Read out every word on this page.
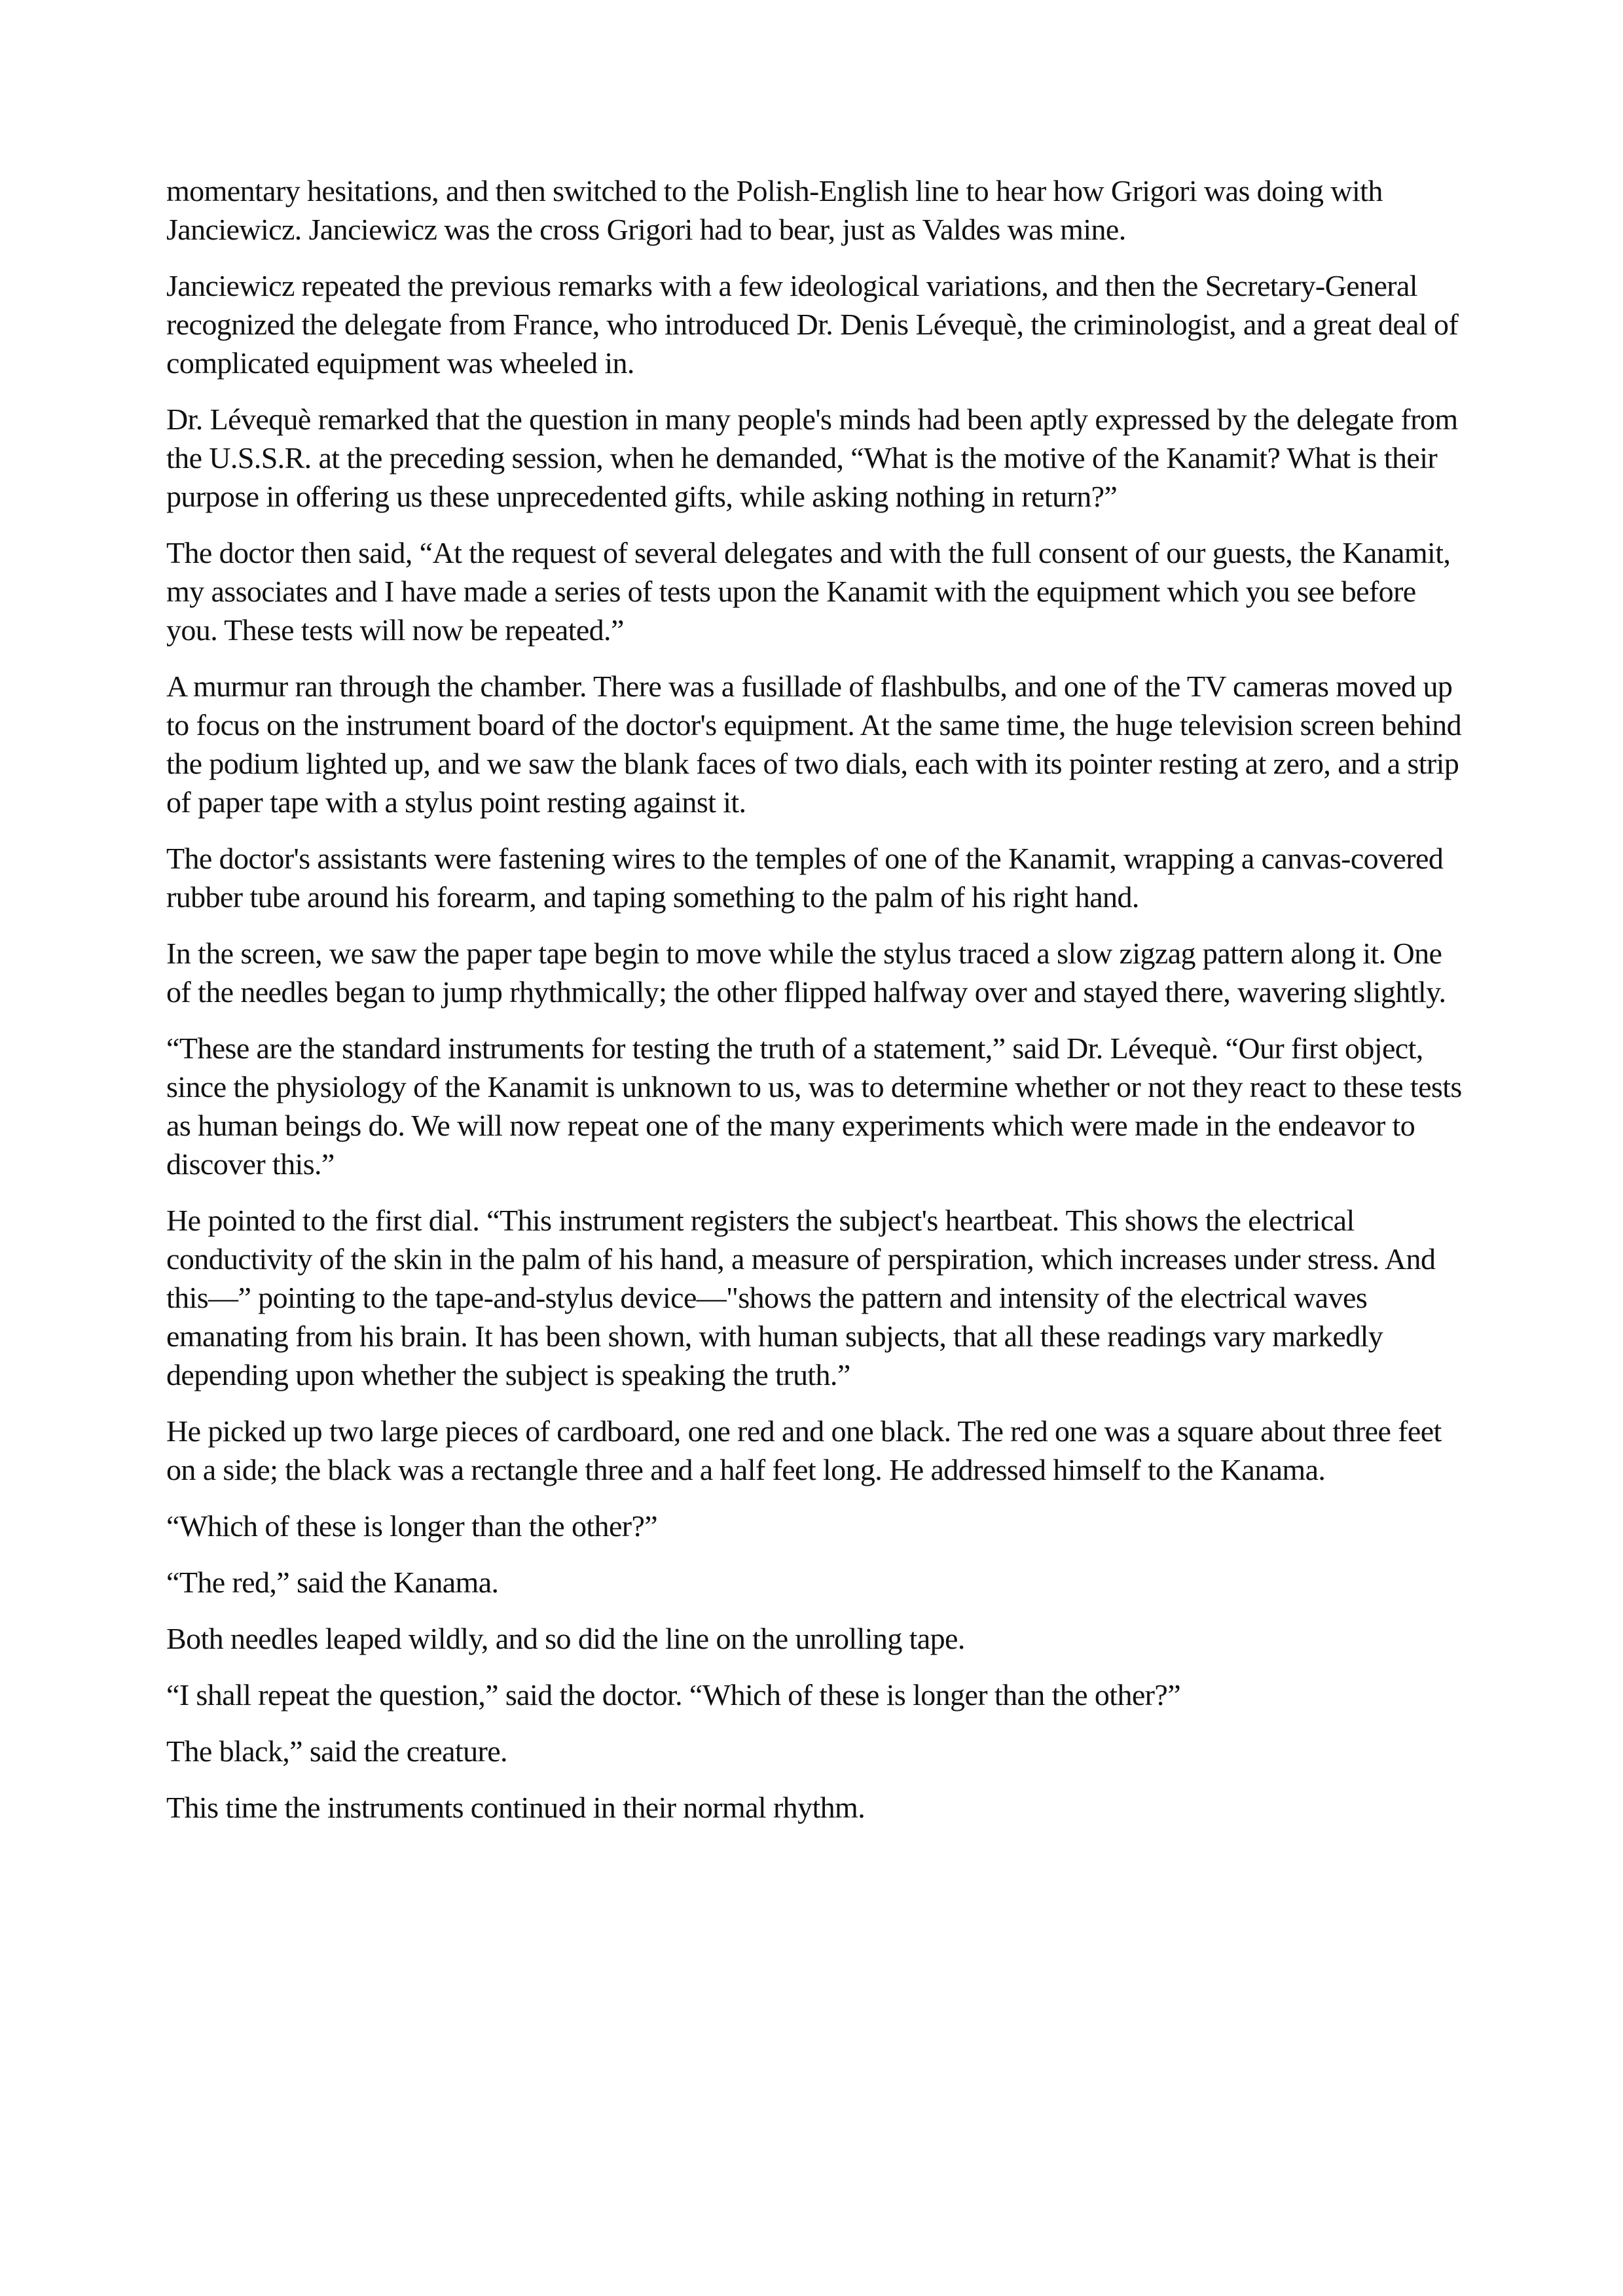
momentary hesitations, and then switched to the Polish-English line to hear how Grigori was doing with Janciewicz. Janciewicz was the cross Grigori had to bear, just as Valdes was mine.

Janciewicz repeated the previous remarks with a few ideological variations, and then the Secretary-General recognized the delegate from France, who introduced Dr. Denis Lévequè, the criminologist, and a great deal of complicated equipment was wheeled in.

Dr. Lévequè remarked that the question in many people's minds had been aptly expressed by the delegate from the U.S.S.R. at the preceding session, when he demanded, “What is the motive of the Kanamit? What is their purpose in offering us these unprecedented gifts, while asking nothing in return?”

The doctor then said, “At the request of several delegates and with the full consent of our guests, the Kanamit, my associates and I have made a series of tests upon the Kanamit with the equipment which you see before you. These tests will now be repeated.”

A murmur ran through the chamber. There was a fusillade of flashbulbs, and one of the TV cameras moved up to focus on the instrument board of the doctor's equipment. At the same time, the huge television screen behind the podium lighted up, and we saw the blank faces of two dials, each with its pointer resting at zero, and a strip of paper tape with a stylus point resting against it.

The doctor's assistants were fastening wires to the temples of one of the Kanamit, wrapping a canvas-covered rubber tube around his forearm, and taping something to the palm of his right hand.

In the screen, we saw the paper tape begin to move while the stylus traced a slow zigzag pattern along it. One of the needles began to jump rhythmically; the other flipped halfway over and stayed there, wavering slightly.

“These are the standard instruments for testing the truth of a statement,” said Dr. Lévequè. “Our first object, since the physiology of the Kanamit is unknown to us, was to determine whether or not they react to these tests as human beings do. We will now repeat one of the many experiments which were made in the endeavor to discover this.”

He pointed to the first dial. “This instrument registers the subject's heartbeat. This shows the electrical conductivity of the skin in the palm of his hand, a measure of perspiration, which increases under stress. And this—” pointing to the tape-and-stylus device—"shows the pattern and intensity of the electrical waves emanating from his brain. It has been shown, with human subjects, that all these readings vary markedly depending upon whether the subject is speaking the truth.”

He picked up two large pieces of cardboard, one red and one black. The red one was a square about three feet on a side; the black was a rectangle three and a half feet long. He addressed himself to the Kanama.

“Which of these is longer than the other?”

“The red,” said the Kanama.

Both needles leaped wildly, and so did the line on the unrolling tape.

“I shall repeat the question,” said the doctor. “Which of these is longer than the other?”

The black,” said the creature.

This time the instruments continued in their normal rhythm.
